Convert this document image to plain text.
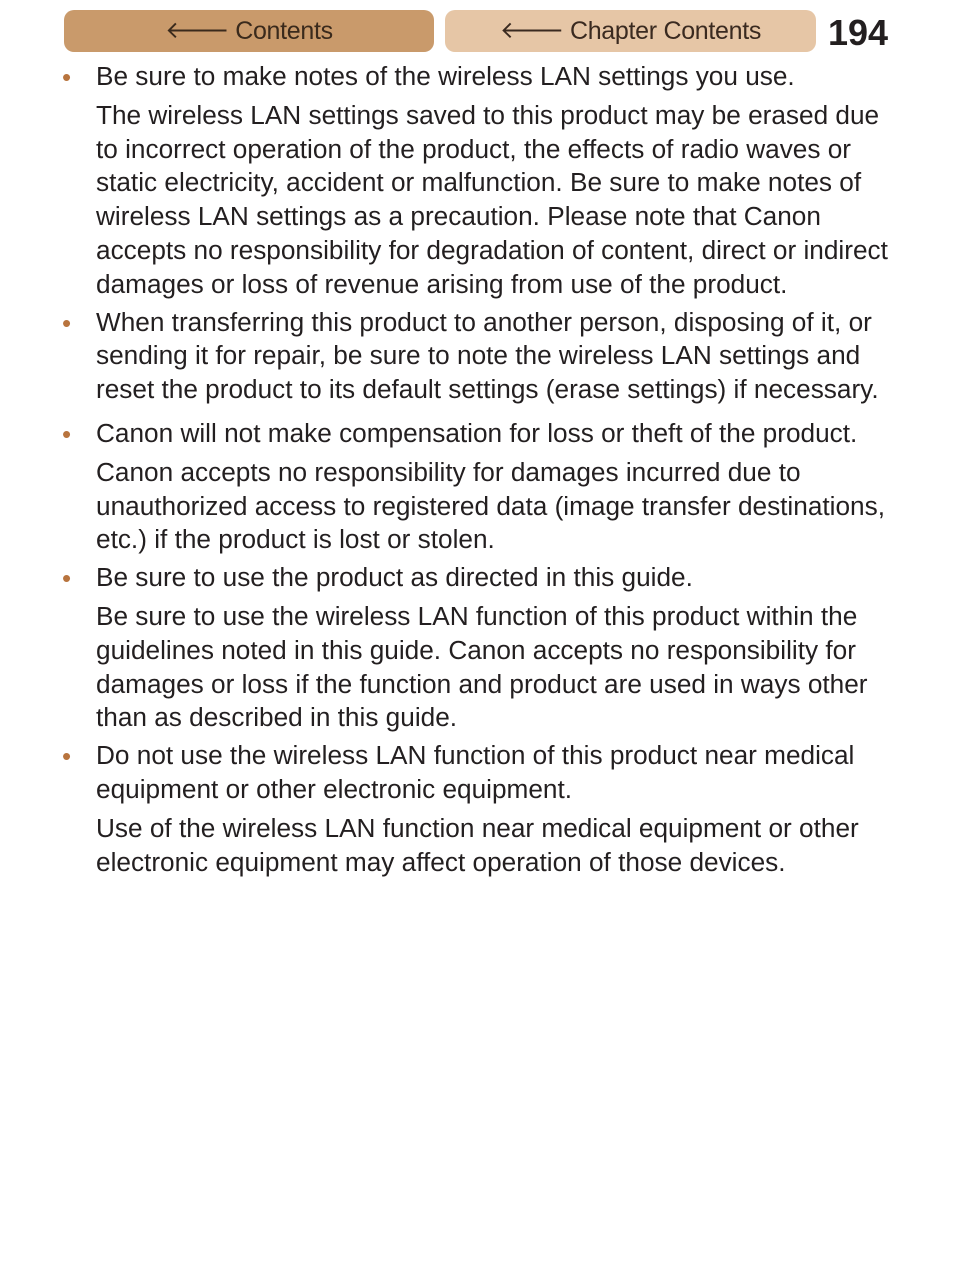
🡐 Contents	🡐 Chapter Contents 194
• Be sure to make notes of the wireless LAN settings you use.

The wireless LAN settings saved to this product may be erased due to incorrect operation of the product, the effects of radio waves or static electricity, accident or malfunction. Be sure to make notes of wireless LAN settings as a precaution. Please note that Canon accepts no responsibility for degradation of content, direct or indirect damages or loss of revenue arising from use of the product.

• When transferring this product to another person, disposing of it, or sending it for repair, be sure to note the wireless LAN settings and reset the product to its default settings (erase settings) if necessary.

• Canon will not make compensation for loss or theft of the product.

Canon accepts no responsibility for damages incurred due to unauthorized access to registered data (image transfer destinations, etc.) if the product is lost or stolen.

• Be sure to use the product as directed in this guide.

Be sure to use the wireless LAN function of this product within the guidelines noted in this guide. Canon accepts no responsibility for damages or loss if the function and product are used in ways other than as described in this guide.

• Do not use the wireless LAN function of this product near medical equipment or other electronic equipment.

Use of the wireless LAN function near medical equipment or other electronic equipment may affect operation of those devices.
